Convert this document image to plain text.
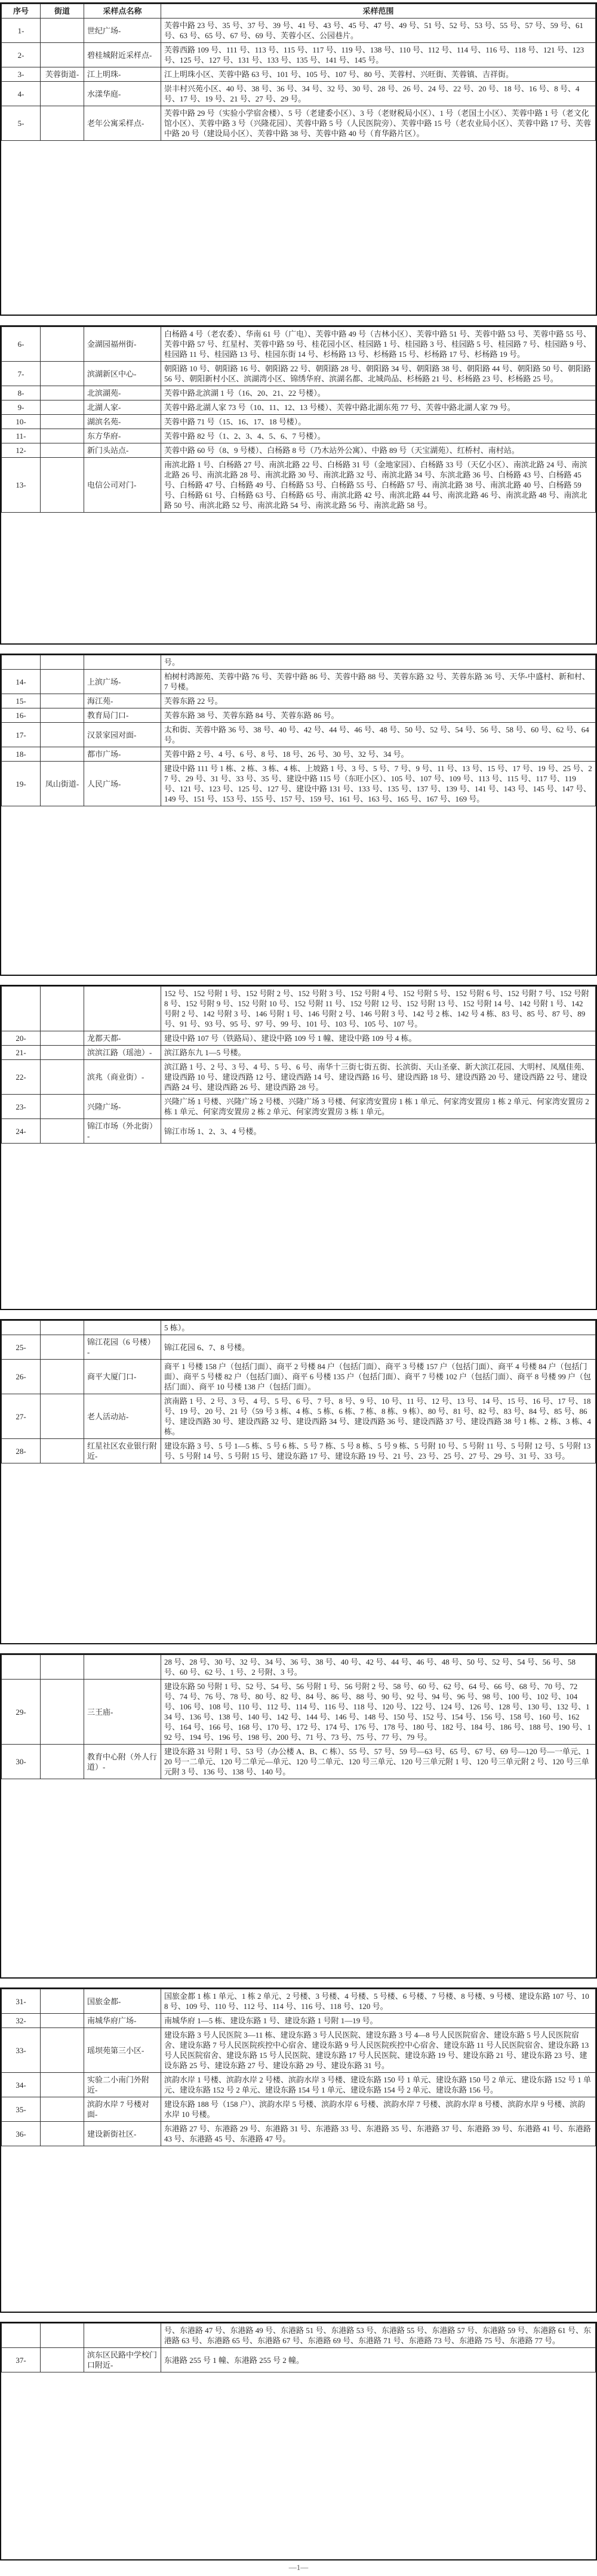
序号	街道	采样点名称	采样范围
1-		世纪广场-	芙蓉中路 23 号、35 号、37 号、39 号、41 号、43 号、45 号、47 号、49 号、51 号、52 号、53 号、55 号、57 号、59 号、61 号、63 号、65 号、67 号、69 号、芙蓉小区、公园巷片。
2-		碧桂城附近采样点-	芙蓉西路 109 号、111 号、113 号、115 号、117 号、119 号、138 号、110 号、112 号、114 号、116 号、118 号、121 号、123 号、125 号、127 号、131 号、133 号、135 号、141 号、145 号。
3-	芙蓉街道-	江上明珠-	江上明珠小区、芙蓉中路 63 号、101 号、105 号、107 号、80 号、芙蓉村、兴旺街、芙蓉镇、吉祥街。
4-		水漾华庭-	崇丰村兴苑小区、40 号、38 号、36 号、34 号、32 号、30 号、28 号、26 号、24 号、22 号、20 号、18 号、16 号、8 号、4 号、17 号、19 号、21 号、27 号、29 号。
5-		老年公寓采样点-	芙蓉中路 29 号（实验小学宿舍楼）、5 号（老建委小区）、3 号（老财税局小区）、1 号（老国土小区）、芙蓉中路 1 号（老文化馆小区）、芙蓉中路 3 号（兴隆花园）、芙蓉中路 5 号（人民医院旁）、芙蓉中路 15 号（老农业局小区）、芙蓉中路 17 号、芙蓉中路 20 号（建设局小区）、芙蓉中路 38 号、芙蓉中路 40 号（育华路片区）。
6-		金湖园福州街-	白杨路 4 号（老农委）、华南 61 号（广电）、芙蓉中路 49 号（吉林小区）、芙蓉中路 51 号、芙蓉中路 53 号、芙蓉中路 55 号、芙蓉中路 57 号、红星村、芙蓉中路 59 号、桂花园小区、桂园路 1 号、桂园路 3 号、桂园路 5 号、桂园路 7 号、桂园路 9 号、桂园路 11 号、桂园路 13 号、桂园东街 14 号、杉杨路 13 号、杉杨路 15 号、杉杨路 17 号、杉杨路 19 号。
7-		滨湖新区中心-	朝阳路 10 号、朝阳路 16 号、朝阳路 22 号、朝阳路 28 号、朝阳路 34 号、朝阳路 38 号、朝阳路 44 号、朝阳路 50 号、朝阳路 56 号、朝阳新村小区、滨湖湾小区、锦绣华府、滨湖名都、北城尚品、杉杨路 21 号、杉杨路 23 号、杉杨路 25 号。
8-		北滨湖苑-	芙蓉中路北滨湖 1 号（16、20、21、22 号楼）。
9-		北湖人家-	芙蓉中路北湖人家 73 号（10、11、12、13 号楼）、芙蓉中路北湖东苑 77 号、芙蓉中路北湖人家 79 号。
10-		湖滨名苑-	芙蓉中路 71 号（15、16、17、18 号楼）。
11-		东方华府-	芙蓉中路 82 号（1、2、3、4、5、6、7 号楼）。
12-		新门头站点-	芙蓉中路 60 号（8、9 号楼）、白杨路 8 号（乃木站外公寓）、中路 89 号（天宝湖苑）、红桥村、南村站。
13-		电信公司对门-	南滨北路 1 号、白杨路 27 号、南滨北路 22 号、白杨路 31 号（金地家园）、白杨路 33 号（天亿小区）、南滨北路 24 号、南滨北路 26 号、南滨北路 28 号、南滨北路 30 号、南滨北路 32 号、南滨北路 34 号、东滨北路 36 号、白杨路 43 号、白杨路 45 号、白杨路 47 号、白杨路 49 号、白杨路 53 号、白杨路 55 号、白杨路 57 号、南滨北路 38 号、南滨北路 40 号、白杨路 59 号、白杨路 61 号、白杨路 63 号、白杨路 65 号、南滨北路 42 号、南滨北路 44 号、南滨北路 46 号、南滨北路 48 号、南滨北路 50 号、南滨北路 52 号、南滨北路 54 号、南滨北路 56 号、南滨北路 58 号。
			号。
14-		上滨广场-	柏树村鸿源苑、芙蓉中路 76 号、芙蓉中路 86 号、芙蓉中路 88 号、芙蓉东路 32 号、芙蓉东路 36 号、天华-中盛村、新和村、7 号楼。
15-		海江苑-	芙蓉东路 22 号。
16-		教育局门口-	芙蓉东路 38 号、芙蓉东路 84 号、芙蓉东路 86 号。
17-		汉景家园对面-	太和街、芙蓉中路 36 号、38 号、40 号、42 号、44 号、46 号、48 号、50 号、52 号、54 号、56 号、58 号、60 号、62 号、64 号。
18-		都市广场-	芙蓉中路 2 号、4 号、6 号、8 号、18 号、26 号、30 号、32 号、34 号。
19-	凤山街道-	人民广场-	建设中路 111 号 1 栋、2 栋、3 栋、4 栋、上坡路 1 号、3 号、5 号、7 号、9 号、11 号、13 号、15 号、17 号、19 号、25 号、27 号、29 号、31 号、33 号、35 号、建设中路 115 号（东旺小区）、105 号、107 号、109 号、113 号、115 号、117 号、119 号、121 号、123 号、125 号、127 号、建设中路 131 号、133 号、135 号、137 号、139 号、141 号、143 号、145 号、147 号、149 号、151 号、153 号、155 号、157 号、159 号、161 号、163 号、165 号、167 号、169 号。
			152 号、152 号附 1 号、152 号附 2 号、152 号附 3 号、152 号附 4 号、152 号附 5 号、152 号附 6 号、152 号附 7 号、152 号附 8 号、152 号附 9 号、152 号附 10 号、152 号附 11 号、152 号附 12 号、152 号附 13 号、152 号附 14 号、142 号附 1 号、142 号附 2 号、142 号附 3 号、146 号附 1 号、146 号附 2 号、146 号附 3 号、142 号 2 栋、142 号 4 栋、83 号、85 号、87 号、89 号、91 号、93 号、95 号、97 号、99 号、101 号、103 号、105 号、107 号。
20-		龙都天都-	建设中路 107 号（铁路局）、建设中路 109 号 1 幢、建设中路 109 号 4 栋。
21-		滨滨江路（瑶池）-	滨江路东九 1—5 号楼。
22-		滨兆（商业街）-	滨江路 1 号、2 号、3 号、4 号、5 号、6 号、南华十三街七街五街、长滨街、天山圣豪、新大滨江花园、大明村、凤凰佳苑、建设西路 10 号、建设西路 12 号、建设西路 14 号、建设西路 16 号、建设西路 18 号、建设西路 20 号、建设西路 22 号、建设西路 24 号、建设西路 26 号、建设西路 28 号。
23-		兴隆广场-	兴隆广场 1 号楼、兴隆广场 2 号楼、兴隆广场 3 号楼、何家湾安置房 1 栋 1 单元、何家湾安置房 1 栋 2 单元、何家湾安置房 2 栋 1 单元、何家湾安置房 2 栋 2 单元、何家湾安置房 3 栋 1 单元。
24-		锦江市场（外北街）-	锦江市场 1、2、3、4 号楼。
			5 栋）。
25-		锦江花园（6 号楼）-	锦江花园 6、7、8 号楼。
26-		商平大厦门口-	商平 1 号楼 158 户（包括门面）、商平 2 号楼 84 户（包括门面）、商平 3 号楼 157 户（包括门面）、商平 4 号楼 84 户（包括门面）、商平 5 号楼 82 户（包括门面）、商平 6 号楼 135 户（包括门面）、商平 7 号楼 102 户（包括门面）、商平 8 号楼 99 户（包括门面）、商平 10 号楼 138 户（包括门面）。
27-		老人活动站-	滨南路 1 号、2 号、3 号、4 号、5 号、6 号、7 号、8 号、9 号、10 号、11 号、12 号、13 号、14 号、15 号、16 号、17 号、18 号、19 号、20 号、21 号（59 号 3 栋、4 栋、5 栋、6 栋、7 栋、8 栋、9 栋）、80 号、81 号、82 号、83 号、84 号、85 号、86 号、建设西路 30 号、建设西路 32 号、建设西路 34 号、建设西路 36 号、建设西路 37 号、建设西路 38 号 1 栋、2 栋、3 栋、4 栋。
28-		红星社区农业银行附近-	建设东路 3 号、5 号 1—5 栋、5 号 6 栋、5 号 7 栋、5 号 8 栋、5 号 9 栋、5 号附 10 号、5 号附 11 号、5 号附 12 号、5 号附 13 号、5 号附 14 号、5 号附 15 号、建设东路 17 号、建设东路 19 号、21 号、23 号、25 号、27 号、29 号、31 号、33 号。
			28 号、28 号、30 号、32 号、34 号、36 号、38 号、40 号、42 号、44 号、46 号、48 号、50 号、52 号、54 号、56 号、58 号、60 号、62 号、1 号、2 号附、3 号。
29-		三王庙-	建设东路 50 号附 1 号、52 号、54 号、56 号附 1 号、56 号附 2 号、58 号、60 号、62 号、64 号、66 号、68 号、70 号、72 号、74 号、76 号、78 号、80 号、82 号、84 号、86 号、88 号、90 号、92 号、94 号、96 号、98 号、100 号、102 号、104 号、106 号、108 号、110 号、112 号、114 号、116 号、118 号、120 号、122 号、124 号、126 号、128 号、130 号、132 号、134 号、136 号、138 号、140 号、142 号、144 号、146 号、148 号、150 号、152 号、154 号、156 号、158 号、160 号、162 号、164 号、166 号、168 号、170 号、172 号、174 号、176 号、178 号、180 号、182 号、184 号、186 号、188 号、190 号、192 号、194 号、196 号、198 号、200 号、71 号、73 号、75 号、77 号、79 号。
30-		教育中心附（外人行道）-	建设东路 31 号附 1 号、53 号（办公楼 A、B、C 栋）、55 号、57 号、59 号—63 号、65 号、67 号、69 号—120 号—一单元、120 号一二单元、120 号二单元—单元、120 号二单元、120 号三单元、120 号三单元附 1 号、120 号三单元附 2 号、120 号三单元附 3 号、136 号、138 号、140 号。
31-		国旅金都-	国旅金都 1 栋 1 单元、1 栋 2 单元、2 号楼、3 号楼、4 号楼、5 号楼、6 号楼、7 号楼、8 号楼、9 号楼、建设东路 107 号、108 号、109 号、110 号、112 号、114 号、116 号、118 号、120 号。
32-		南城华府广场-	南城华府 1—5 栋、建设东路 1 号、建设东路 1 号附 1—19 号。
33-		瑶坝苑第三小区-	建设东路 3 号人民医院 3—11 栋、建设东路 3 号人民医院、建设东路 3 号 4—8 号人民医院宿舍、建设东路 5 号人民医院宿舍、建设东路 7 号人民医院疾控中心宿舍、建设东路 9 号人民医院疾控中心宿舍、建设东路 11 号人民医院宿舍、建设东路 13 号人民医院宿舍、建设东路 15 号人民医院、建设东路 17 号人民医院、建设东路 19 号、建设东路 21 号、建设东路 23 号、建设东路 25 号、建设东路 27 号、建设东路 29 号、建设东路 31 号。
34-		实验二小南门外附近-	滨韵水岸 1 号楼、滨韵水岸 2 号楼、滨韵水岸 3 号楼、建设东路 150 号 1 单元、建设东路 150 号 2 单元、建设东路 152 号 1 单元、建设东路 152 号 2 单元、建设东路 154 号 1 单元、建设东路 154 号 2 单元、建设东路 156 号。
35-		滨韵水岸 7 号楼对面-	建设东路 188 号（158 户）、滨韵水岸 5 号楼、滨韵水岸 6 号楼、滨韵水岸 7 号楼、滨韵水岸 8 号楼、滨韵水岸 9 号楼、滨韵水岸 10 号楼。
36-		建设新街社区-	东港路 27 号、东港路 29 号、东港路 31 号、东港路 33 号、东港路 35 号、东港路 37 号、东港路 39 号、东港路 41 号、东港路 43 号、东港路 45 号、东港路 47 号。
			号、东港路 47 号、东港路 49 号、东港路 51 号、东港路 53 号、东港路 55 号、东港路 57 号、东港路 59 号、东港路 61 号、东港路 63 号、东港路 65 号、东港路 67 号、东港路 69 号、东港路 71 号、东港路 73 号、东港路 75 号、东港路 77 号。
37-		滨东区民路中学校门口附近-	东港路 255 号 1 幢、东港路 255 号 2 幢。
—1—
